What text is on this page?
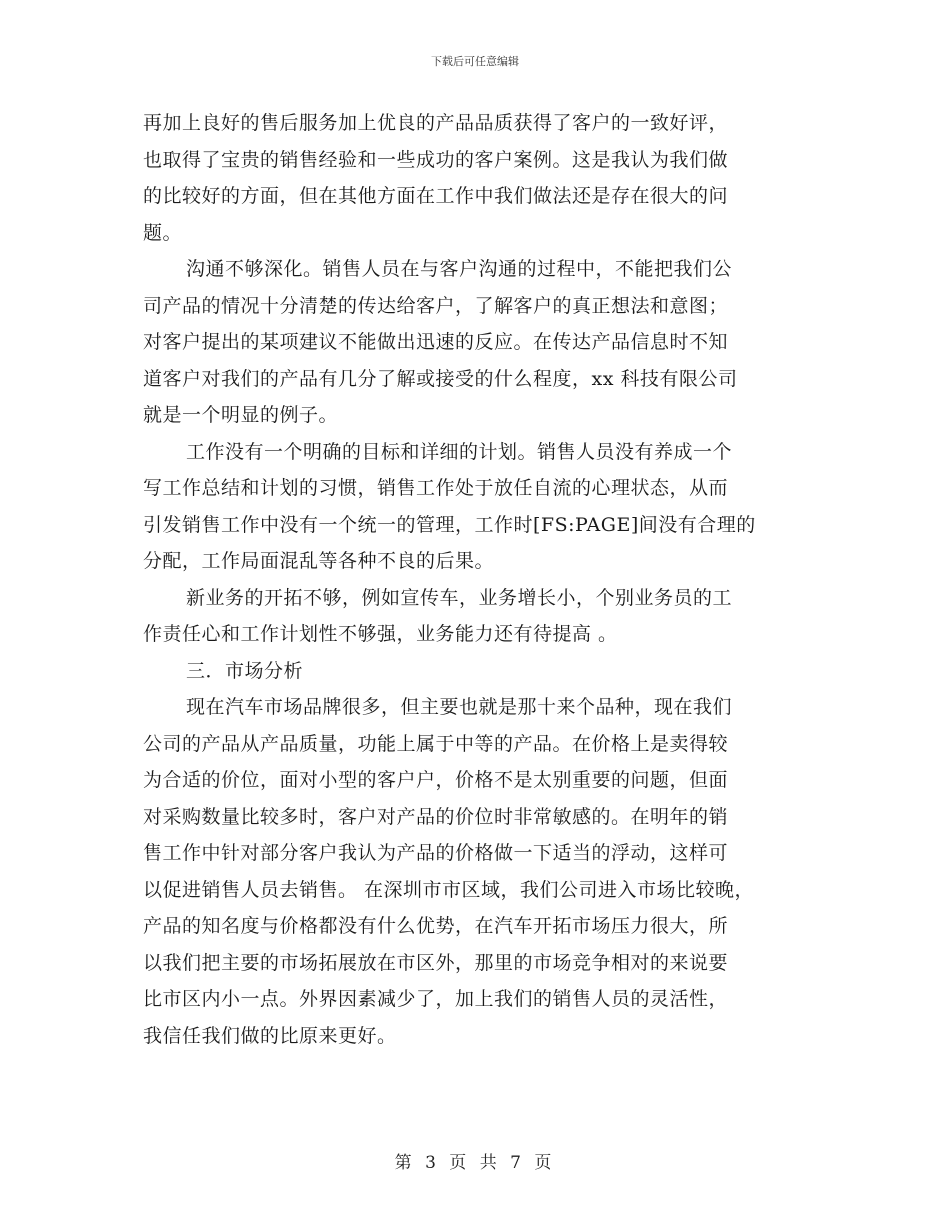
下载后可任意编辑
再加上良好的售后服务加上优良的产品品质获得了客户的一致好评，
也取得了宝贵的销售经验和一些成功的客户案例。这是我认为我们做
的比较好的方面，但在其他方面在工作中我们做法还是存在很大的问
题。
沟通不够深化。销售人员在与客户沟通的过程中，不能把我们公
司产品的情况十分清楚的传达给客户，了解客户的真正想法和意图；
对客户提出的某项建议不能做出迅速的反应。在传达产品信息时不知
道客户对我们的产品有几分了解或接受的什么程度，xx 科技有限公司
就是一个明显的例子。
工作没有一个明确的目标和详细的计划。销售人员没有养成一个
写工作总结和计划的习惯，销售工作处于放任自流的心理状态，从而
引发销售工作中没有一个统一的管理，工作时[FS:PAGE]间没有合理的
分配，工作局面混乱等各种不良的后果。
新业务的开拓不够，例如宣传车，业务增长小，个别业务员的工
作责任心和工作计划性不够强，业务能力还有待提高 。
三．市场分析
现在汽车市场品牌很多，但主要也就是那十来个品种，现在我们
公司的产品从产品质量，功能上属于中等的产品。在价格上是卖得较
为合适的价位，面对小型的客户户，价格不是太别重要的问题，但面
对采购数量比较多时，客户对产品的价位时非常敏感的。在明年的销
售工作中针对部分客户我认为产品的价格做一下适当的浮动，这样可
以促进销售人员去销售。 在深圳市市区域，我们公司进入市场比较晚，
产品的知名度与价格都没有什么优势，在汽车开拓市场压力很大，所
以我们把主要的市场拓展放在市区外，那里的市场竞争相对的来说要
比市区内小一点。外界因素减少了，加上我们的销售人员的灵活性，
我信任我们做的比原来更好。
第 3 页 共 7 页
